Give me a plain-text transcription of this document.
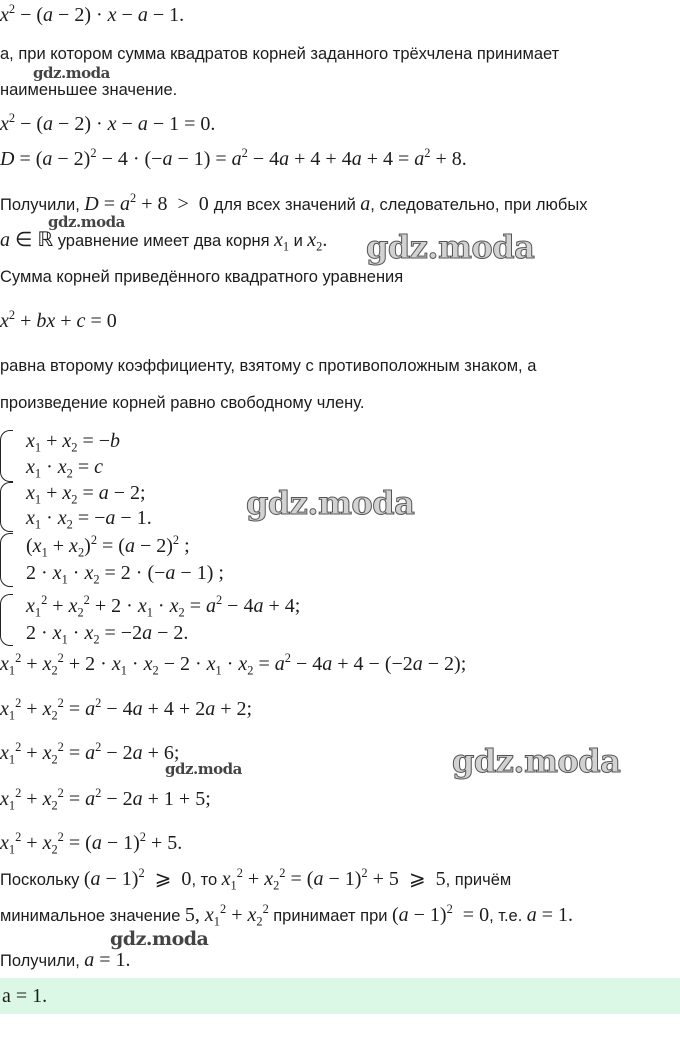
$x^2 - (a - 2) \cdot x - a - 1$.
a, при котором сумма квадратов корней заданного трёхчлена принимает
наименьшее значение.
$x^2 - (a - 2) \cdot x - a - 1 = 0$.
$D = (a - 2)^2 - 4 \cdot (-a - 1) = a^2 - 4a + 4 + 4a + 4 = a^2 + 8$.
Получили, $D = a^2 + 8 > 0$ для всех значений a, следовательно, при любых
a ∈ ℝ уравнение имеет два корня $x_1$ и $x_2$.
Сумма корней приведённого квадратного уравнения
$x^2$ + bx + c = 0
равна второму коэффициенту, взятому с противоположным знаком, а
произведение корней равно свободному члену.
$x_1 + x_2 = -b$
$x_1 \cdot x_2 = c$
$x_1 + x_2 = a - 2$;
$x_1 \cdot x_2 = -a - 1$.
$(x_1 + x_2)^2 = (a - 2)^2$ ;
$2 \cdot x_1 \cdot x_2 = 2 \cdot (-a - 1)$ ;
$x_1^2 + x_2^2 + 2 \cdot x_1 \cdot x_2 = a^2 - 4a + 4$;
$2 \cdot x_1 \cdot x_2 = -2a - 2$.
$x_1^2 + x_2^2 + 2 \cdot x_1 \cdot x_2 - 2 \cdot x_1 \cdot x_2 = a^2 - 4a + 4 - (-2a - 2)$;
$x_1^2 + x_2^2 = a^2 - 4a + 4 + 2a + 2$;
$x_1^2 + x_2^2 = a^2 - 2a + 6$;
$x_1^2 + x_2^2 = a^2 - 2a + 1 + 5$;
$x_1^2 + x_2^2 = (a - 1)^2 + 5$.
Поскольку $(a - 1)^2$  ⩾  0, то $x_1^2 + x_2^2 = (a - 1)^2 + 5$  ⩾  5, причём
минимальное значение 5, $x_1^2 + x_2^2$ принимает при $(a - 1)^2 = 0$, т.е. a = 1.
Получили, a = 1.
a = 1.
gdz.moda
gdz.moda
gdz.moda
gdz.moda
gdz.moda
gdz.moda
gdz.moda
